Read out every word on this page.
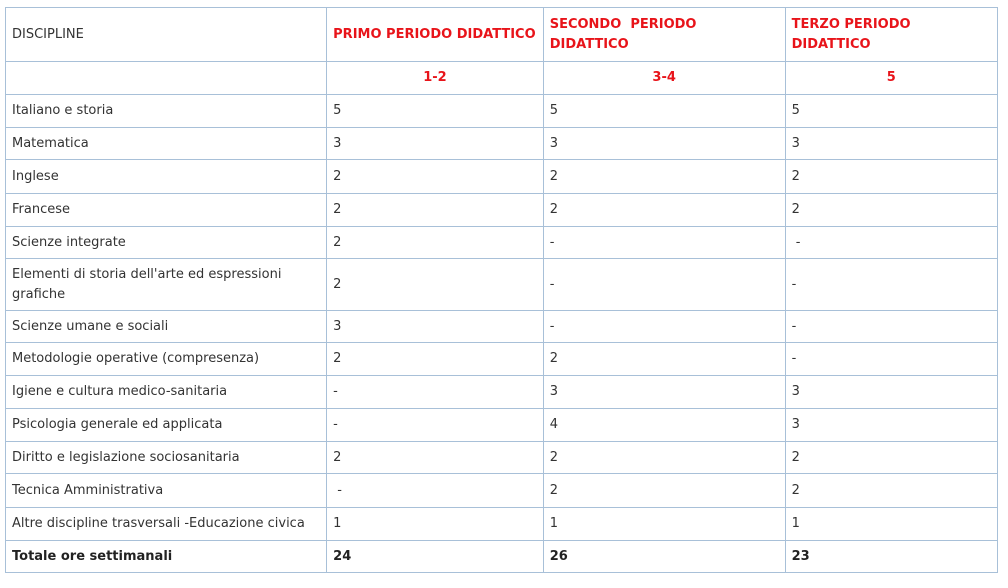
DISCIPLINE	PRIMO PERIODO DIDATTICO	SECONDO  PERIODO DIDATTICO	TERZO PERIODO DIDATTICO
	1-2	3-4	5
Italiano e storia	5	5	5
Matematica	3	3	3
Inglese	2	2	2
Francese	2	2	2
Scienze integrate	2	-	-
Elementi di storia dell'arte ed espressioni grafiche	2	-	-
Scienze umane e sociali	3	-	-
Metodologie operative (compresenza)	2	2	-
Igiene e cultura medico-sanitaria	-	3	3
Psicologia generale ed applicata	-	4	3
Diritto e legislazione sociosanitaria	2	2	2
Tecnica Amministrativa	-	2	2
Altre discipline trasversali -Educazione civica	1	1	1
Totale ore settimanali	24	26	23
